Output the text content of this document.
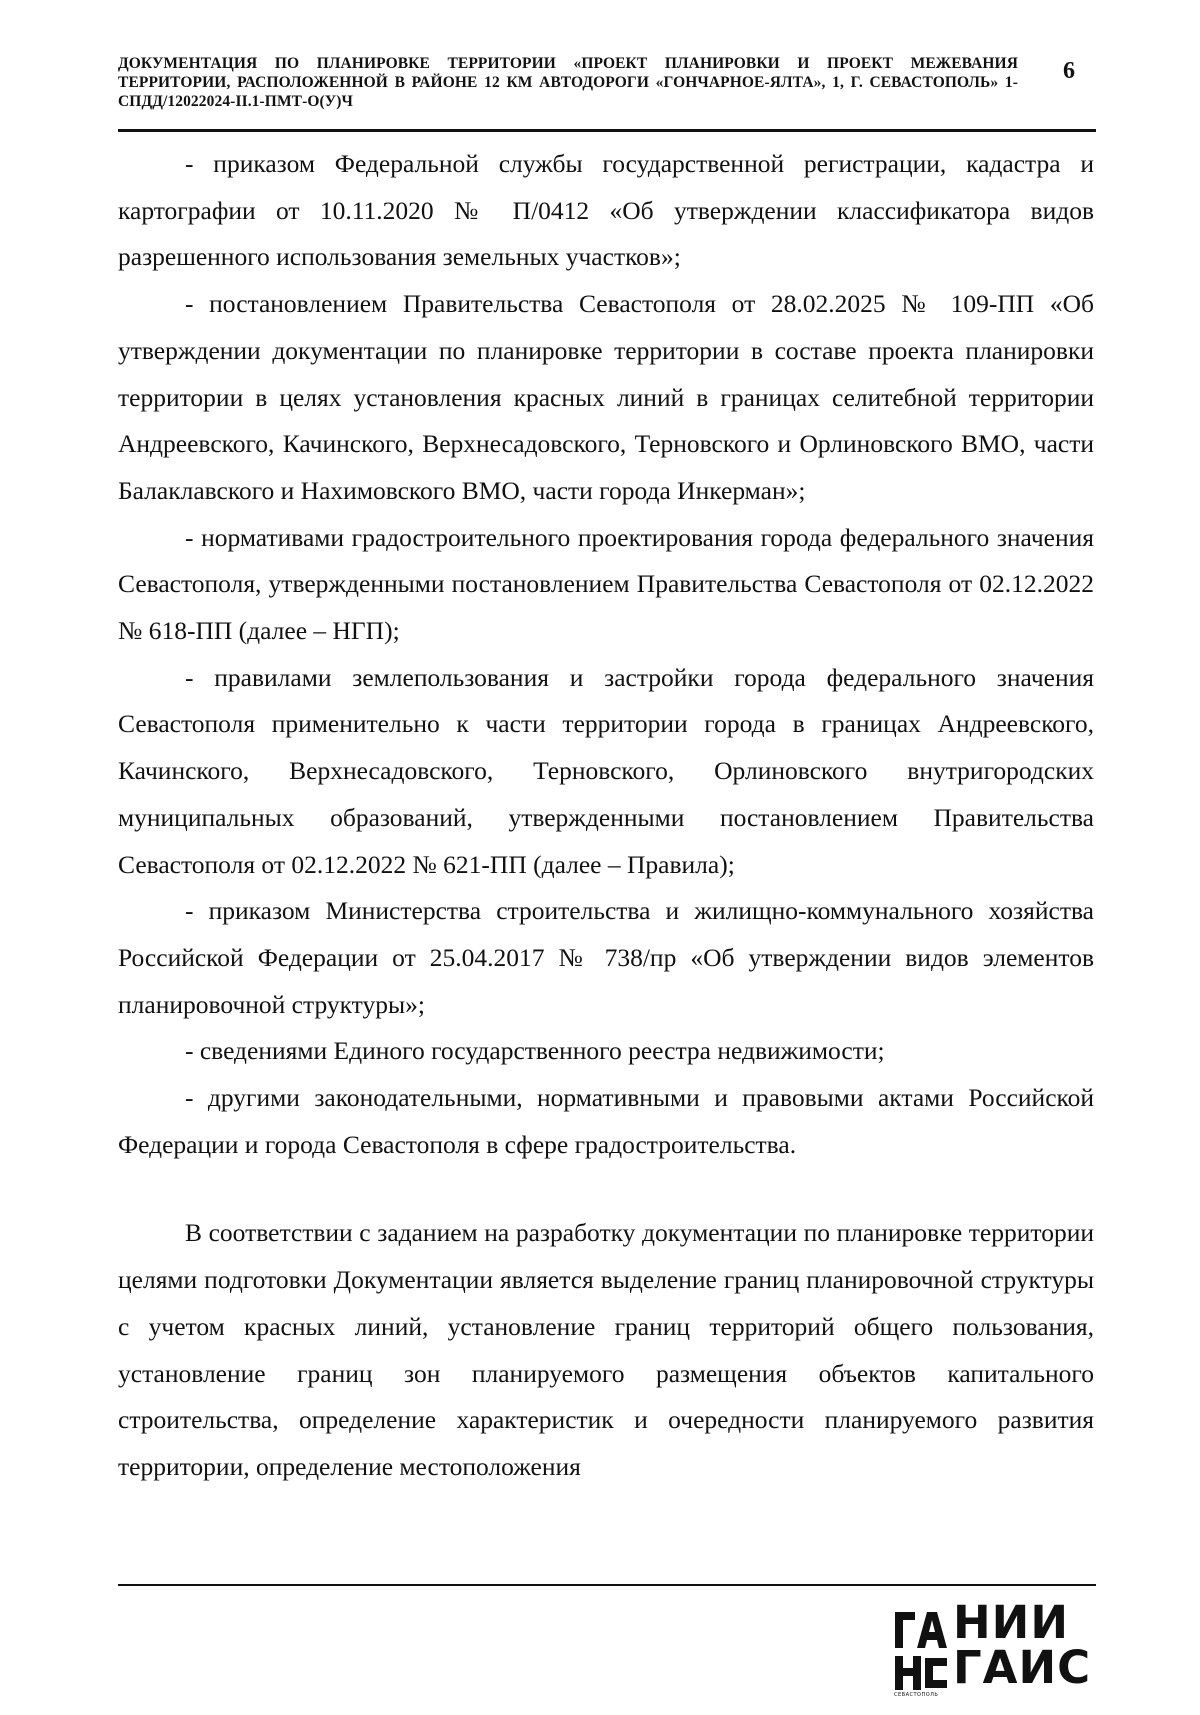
ДОКУМЕНТАЦИЯ ПО ПЛАНИРОВКЕ ТЕРРИТОРИИ «ПРОЕКТ ПЛАНИРОВКИ И ПРОЕКТ МЕЖЕВАНИЯ ТЕРРИТОРИИ, РАСПОЛОЖЕННОЙ В РАЙОНЕ 12 КМ АВТОДОРОГИ «ГОНЧАРНОЕ-ЯЛТА», 1, Г. СЕВАСТОПОЛЬ» 1-СПДД/12022024-II.1-ПМТ-О(У)Ч
6

- приказом Федеральной службы государственной регистрации, кадастра и картографии от 10.11.2020 № П/0412 «Об утверждении классификатора видов разрешенного использования земельных участков»;

- постановлением Правительства Севастополя от 28.02.2025 № 109-ПП «Об утверждении документации по планировке территории в составе проекта планировки территории в целях установления красных линий в границах селитебной территории Андреевского, Качинского, Верхнесадовского, Терновского и Орлиновского ВМО, части Балаклавского и Нахимовского ВМО, части города Инкерман»;

- нормативами градостроительного проектирования города федерального значения Севастополя, утвержденными постановлением Правительства Севастополя от 02.12.2022 № 618-ПП (далее – НГП);

- правилами землепользования и застройки города федерального значения Севастополя применительно к части территории города в границах Андреевского, Качинского, Верхнесадовского, Терновского, Орлиновского внутригородских муниципальных образований, утвержденными постановлением Правительства Севастополя от 02.12.2022 № 621-ПП (далее – Правила);

- приказом Министерства строительства и жилищно-коммунального хозяйства Российской Федерации от 25.04.2017 № 738/пр «Об утверждении видов элементов планировочной структуры»;

- сведениями Единого государственного реестра недвижимости;

- другими законодательными, нормативными и правовыми актами Российской Федерации и города Севастополя в сфере градостроительства.

В соответствии с заданием на разработку документации по планировке территории целями подготовки Документации является выделение границ планировочной структуры с учетом красных линий, установление границ территорий общего пользования, установление границ зон планируемого размещения объектов капитального строительства, определение характеристик и очередности планируемого развития территории, определение местоположения

НИИ
ГАИС
СЕВАСТОПОЛЬ
